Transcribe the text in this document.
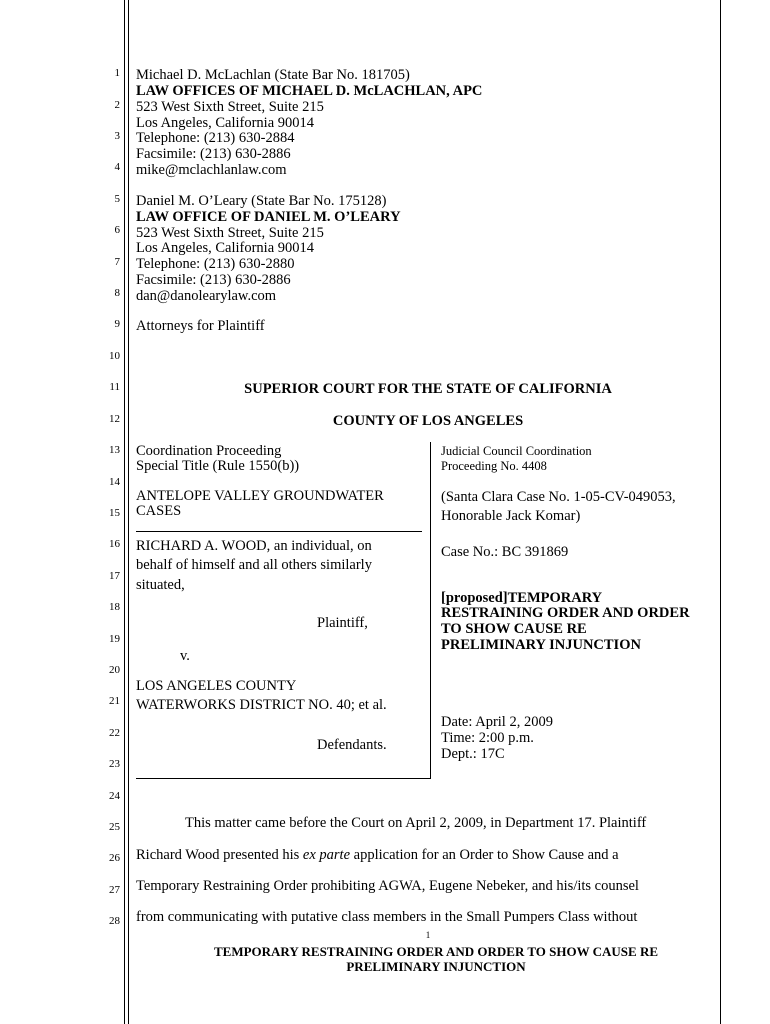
1
2
3
4
5
6
7
8
9
10
11
12
13
14
15
16
17
18
19
20
21
22
23
24
25
26
27
28
Michael D. McLachlan (State Bar No. 181705)
LAW OFFICES OF MICHAEL D. McLACHLAN, APC
523 West Sixth Street, Suite 215
Los Angeles, California 90014
Telephone: (213) 630-2884
Facsimile: (213) 630-2886
mike@mclachlanlaw.com
Daniel M. O’Leary (State Bar No. 175128)
LAW OFFICE OF DANIEL M. O’LEARY
523 West Sixth Street, Suite 215
Los Angeles, California 90014
Telephone: (213) 630-2880
Facsimile: (213) 630-2886
dan@danolearylaw.com
Attorneys for Plaintiff
SUPERIOR COURT FOR THE STATE OF CALIFORNIA
COUNTY OF LOS ANGELES
Coordination Proceeding
Special Title (Rule 1550(b))
ANTELOPE VALLEY GROUNDWATER
CASES
RICHARD A. WOOD, an individual, on
behalf of himself and all others similarly
situated,
Plaintiff,
v.
LOS ANGELES COUNTY
WATERWORKS DISTRICT NO. 40; et al.
Defendants.
Judicial Council Coordination
Proceeding No. 4408
(Santa Clara Case No. 1-05-CV-049053,
Honorable Jack Komar)
Case No.: BC 391869
[proposed]TEMPORARY
RESTRAINING ORDER AND ORDER
TO SHOW CAUSE RE
PRELIMINARY INJUNCTION
Date: April 2, 2009
Time: 2:00 p.m.
Dept.: 17C
This matter came before the Court on April 2, 2009, in Department 17. Plaintiff
Richard Wood presented his ex parte application for an Order to Show Cause and a
Temporary Restraining Order prohibiting AGWA, Eugene Nebeker, and his/its counsel
from communicating with putative class members in the Small Pumpers Class without
1
TEMPORARY RESTRAINING ORDER AND ORDER TO SHOW CAUSE RE
PRELIMINARY INJUNCTION
